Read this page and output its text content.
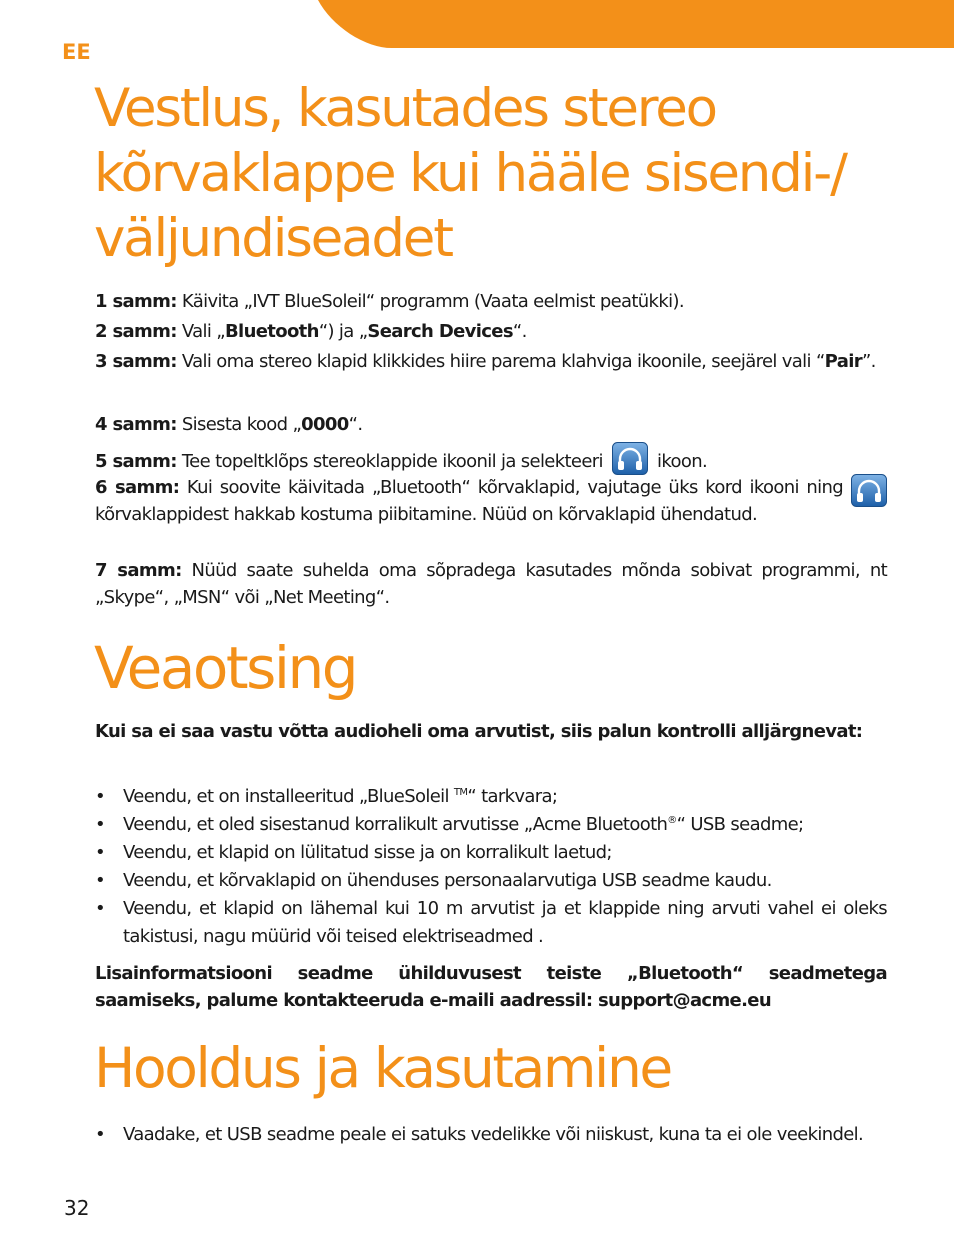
EE
Vestlus, kasutades stereo kõrvaklappe kui hääle sisendi-/ väljundiseadet

1 samm: Käivita „IVT BlueSoleil“ programm (Vaata eelmist peatükki).

2 samm: Vali „Bluetooth“) ja „Search Devices“.

3 samm: Vali oma stereo klapid klikkides hiire parema klahviga ikoonile, seejärel vali “Pair”.

4 samm: Sisesta kood „0000“.

5 samm: Tee topeltklõps stereoklappide ikoonil ja selekteeri  ikoon.

6 samm: Kui soovite käivitada „Bluetooth“ kõrvaklapid, vajutage üks kord ikooni ning kõrvaklappidest hakkab kostuma piibitamine. Nüüd on kõrvaklapid ühendatud.

7 samm: Nüüd saate suhelda oma sõpradega kasutades mõnda sobivat programmi, nt „Skype“, „MSN“ või „Net Meeting“.

Veaotsing

Kui sa ei saa vastu võtta audioheli oma arvutist, siis palun kontrolli alljärgnevat:

• Veendu, et on installeeritud „BlueSoleil ™“ tarkvara;
• Veendu, et oled sisestanud korralikult arvutisse „Acme Bluetooth®“ USB seadme;
• Veendu, et klapid on lülitatud sisse ja on korralikult laetud;
• Veendu, et kõrvaklapid on ühenduses personaalarvutiga USB seadme kaudu.
• Veendu, et klapid on lähemal kui 10 m arvutist ja et klappide ning arvuti vahel ei oleks takistusi, nagu müürid või teised elektriseadmed .

Lisainformatsiooni seadme ühilduvusest teiste „Bluetooth“ seadmetega saamiseks, palume kontakteeruda e-maili aadressil: support@acme.eu

Hooldus ja kasutamine
• Vaadake, et USB seadme peale ei satuks vedelikke või niiskust, kuna ta ei ole veekindel.
32
